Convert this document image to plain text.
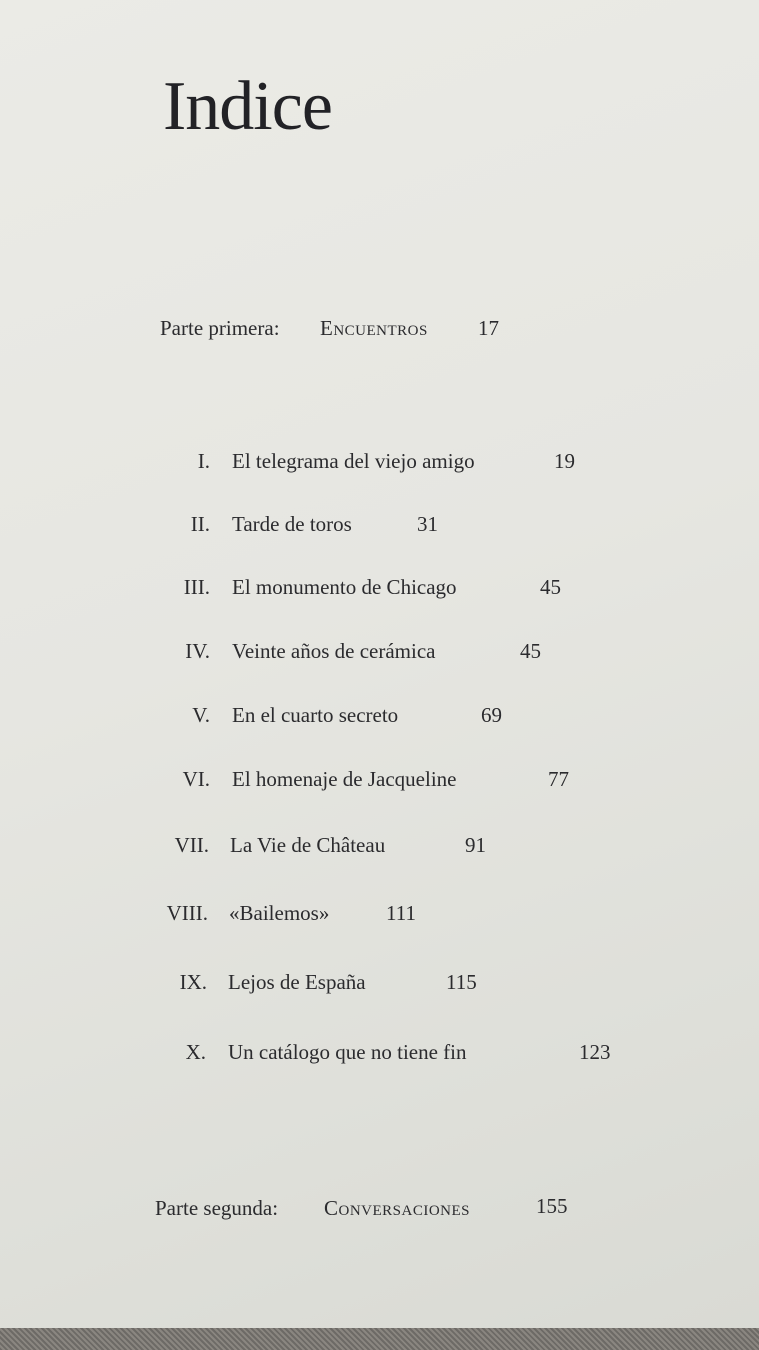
Indice
Parte primera: Encuentros 17
I. El telegrama del viejo amigo	19
II. Tarde de toros	31
III. El monumento de Chicago	45
IV. Veinte años de cerámica	45
V. En el cuarto secreto	69
VI. El homenaje de Jacqueline	77
VII. La Vie de Château	91
VIII. «Bailemos»	111
IX. Lejos de España	115
X. Un catálogo que no tiene fin	123
Parte segunda: Conversaciones	155
